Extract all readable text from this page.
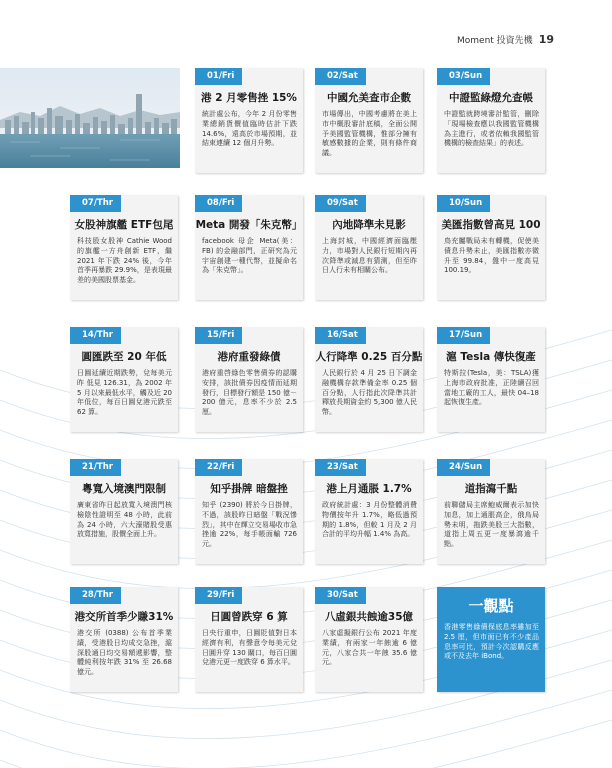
Moment 投資先機 19
01/Fri
港 2 月零售挫 15%
統計處公布，今年 2 月份零售業總銷貨價值臨時估計下跌 14.6%，遠高於市場預期，並結束連續 12 個月升勢。
02/Sat
中國允美查市企數
市場傳出，中國考慮將在美上市中概股審計底稿，全面公開予美國監管機構，惟部分擁有敏感數據的企業，則有條件商議。
03/Sun
中證監綠燈允查帳
中證監就跨境審計監管，刪除「現場檢查應以我國監管機構為主進行，或者依賴我國監管機構的檢查結果」的表述。
07/Thr
女股神旗艦 ETF包尾
科技股女股神 Cathie Wood 的旗艦一方舟創新 ETF，繼 2021 年下跌 24% 後，今年首季再暴跌 29.9%，是表現最差的美國股票基金。
08/Fri
Meta 開發「朱克幣」
facebook 母企 Meta(美：FB) 的金融部門，正研究為元宇宙創建一種代幣，並擬命名為「朱克幣」。
09/Sat
內地降準未見影
上海封城，中國經濟面臨壓力，市場對人民銀行短期內再次降準或減息有猜測，但至昨日人行未有相關公布。
10/Sun
美匯指數曾高見 100
鳥充屬戰局未有轉機，促使美債息升勢未止，美匯指數亦微升至 99.84，盤中一度高見 100.19。
14/Thr
圓匯跌至 20 年低
日圓延續近期跌勢，兌每美元昨 低見 126.31，為 2002 年 5 月以來最低水平，觸及近 20 年低位，每百日圓兌港元跌至 62 算。
15/Fri
港府重發綠債
港府重啓綠色零售債券的認購安排，該批債券因疫情而延期發行，目標發行額是 150 億－200 億元，息率不少於 2.5 厘。
16/Sat
人行降準 0.25 百分點
人民銀行於 4 月 25 日下調金融機構存款準備金率 0.25 個百分點，人行指此次降準共計釋放長期資金約 5,300 億人民幣。
17/Sun
滬 Tesla 傳快復產
特斯拉(Tesla，美：TSLA)獲上海市政府批准，正陸續召回當地工廠的工人，最快 04–18 起恢復生產。
21/Thr
粵寬入境澳門限制
廣東省昨日起放寬入境澳門核檢陰性證明至 48 小時，此前為 24 小時，六大濠賭股受惠放寬措施，股價全面上升。
22/Fri
知乎掛牌 暗盤挫
知乎 (2390) 將於今日掛牌，不過，該股昨日暗盤「戰況慘烈」，其中在輝立交易場收市急挫逾 22%，每手帳面輸 726 元。
23/Sat
港上月通脹 1.7%
政府統計處：3 月份整體消費物價按年升 1.7%，略低過預期的 1.8%，但較 1 月及 2 月合計的平均升幅 1.4% 為高。
24/Sun
道指瀉千點
前聯儲局主席鮑威爾表示加快加息，加上通脹高企，俄烏局勢未明，拖跌美股三大指數，道指上周五更一度暴瀉逾千點。
28/Thr
港交所首季少賺31%
港交所 (0388) 公布首季業績，受港股日均成交急挫，滬深股通日均交易額遞影響，整體純利按年跌 31% 至 26.68 億元。
29/Fri
日圓曾跌穿 6 算
日央行重申，日圓貶值對日本經濟有利，有聲意令每美元兌日圓升穿 130 關口，每百日圓兌港元更一度跌穿 6 算水平。
30/Sat
八虛銀共蝕逾35億
八家虛擬銀行公布 2021 年度業績，有兩家一年蝕逾 6 億元，八家合共一年蝕 35.6 億元。
一觀點
香港零售綠債保底息率雖加至 2.5 厘，但市面已有不少產品息率可比，預計今次認購反應或不及去年 iBond。
